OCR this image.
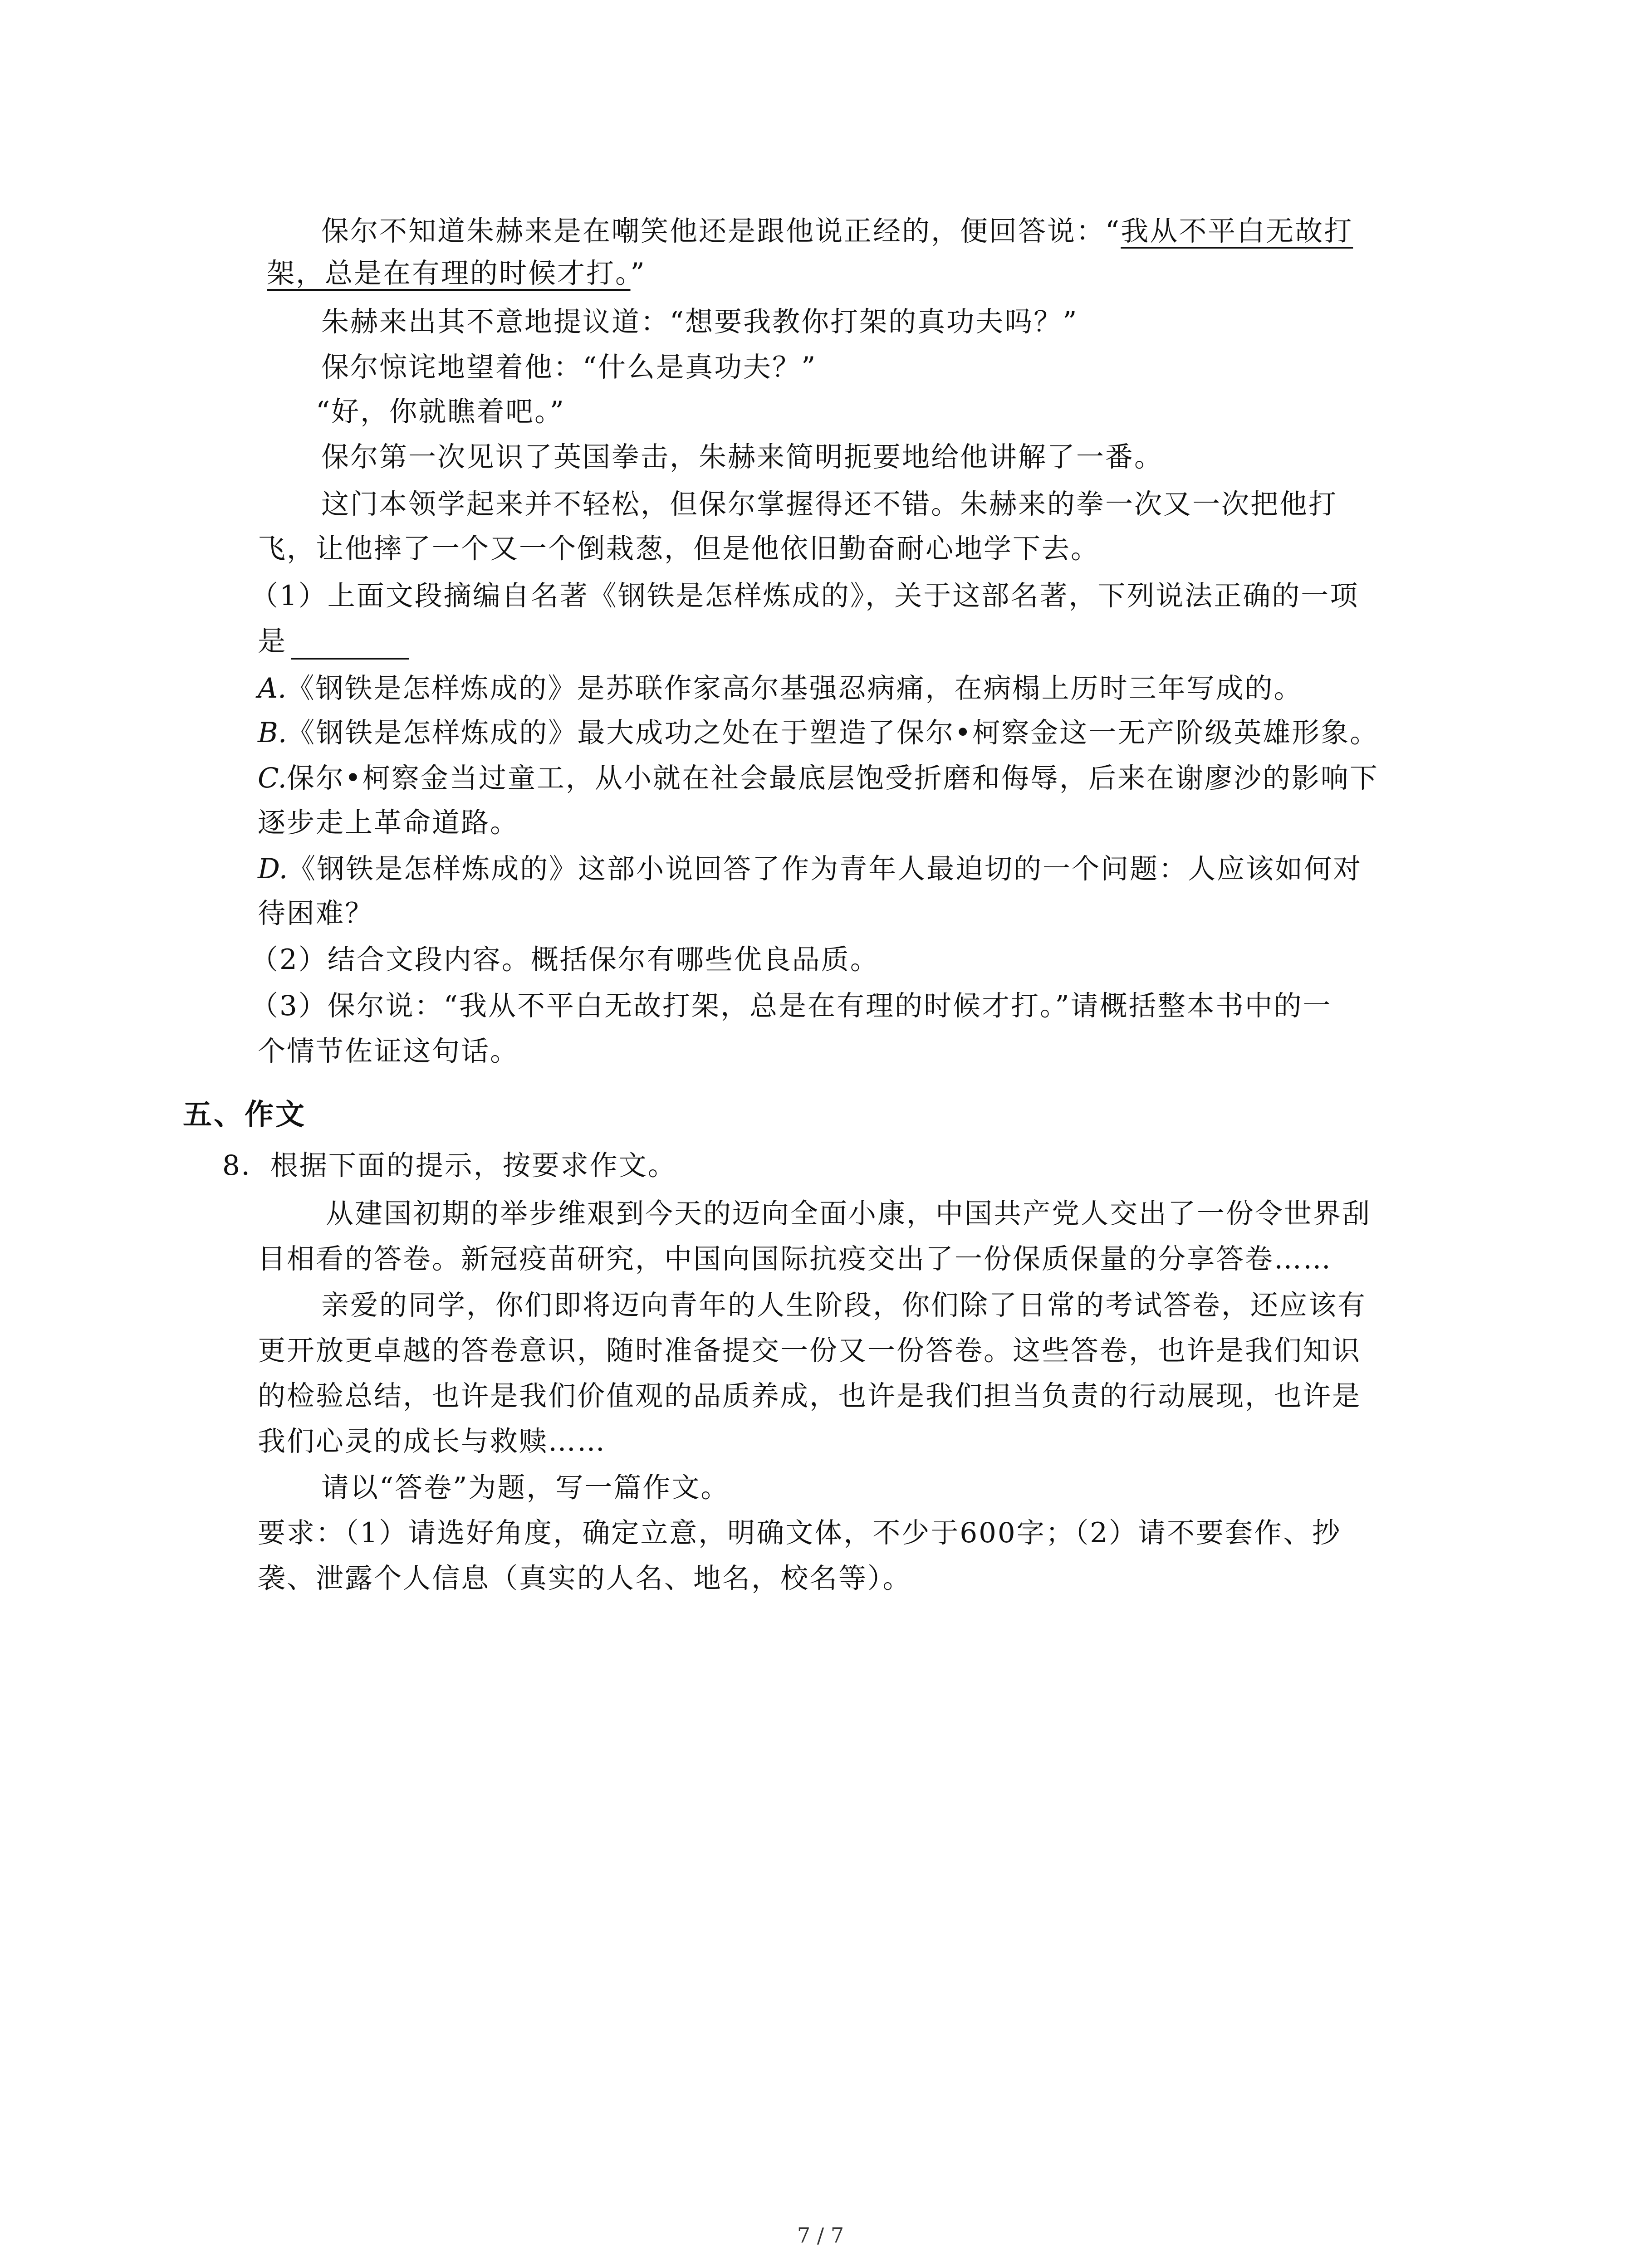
保尔不知道朱赫来是在嘲笑他还是跟他说正经的，便回答说：“我从不平白无故打
架，总是在有理的时候才打。”
朱赫来出其不意地提议道：“想要我教你打架的真功夫吗？”
保尔惊诧地望着他：“什么是真功夫？”
“好，你就瞧着吧。”
保尔第一次见识了英国拳击，朱赫来简明扼要地给他讲解了一番。
这门本领学起来并不轻松，但保尔掌握得还不错。朱赫来的拳一次又一次把他打
飞，让他摔了一个又一个倒栽葱，但是他依旧勤奋耐心地学下去。
（1）上面文段摘编自名著《钢铁是怎样炼成的》，关于这部名著，下列说法正确的一项
是
A.《钢铁是怎样炼成的》是苏联作家高尔基强忍病痛，在病榻上历时三年写成的。
B.《钢铁是怎样炼成的》最大成功之处在于塑造了保尔•柯察金这一无产阶级英雄形象。
C.保尔•柯察金当过童工，从小就在社会最底层饱受折磨和侮辱，后来在谢廖沙的影响下
逐步走上革命道路。
D.《钢铁是怎样炼成的》这部小说回答了作为青年人最迫切的一个问题：人应该如何对
待困难？
（2）结合文段内容。概括保尔有哪些优良品质。
（3）保尔说：“我从不平白无故打架，总是在有理的时候才打。”请概括整本书中的一
个情节佐证这句话。
五、作文
8．根据下面的提示，按要求作文。
从建国初期的举步维艰到今天的迈向全面小康，中国共产党人交出了一份令世界刮
目相看的答卷。新冠疫苗研究，中国向国际抗疫交出了一份保质保量的分享答卷……
亲爱的同学，你们即将迈向青年的人生阶段，你们除了日常的考试答卷，还应该有
更开放更卓越的答卷意识，随时准备提交一份又一份答卷。这些答卷，也许是我们知识
的检验总结，也许是我们价值观的品质养成，也许是我们担当负责的行动展现，也许是
我们心灵的成长与救赎……
请以“答卷”为题，写一篇作文。
要求：（1）请选好角度，确定立意，明确文体，不少于600字；（2）请不要套作、抄
袭、泄露个人信息（真实的人名、地名，校名等）。
7 / 7
